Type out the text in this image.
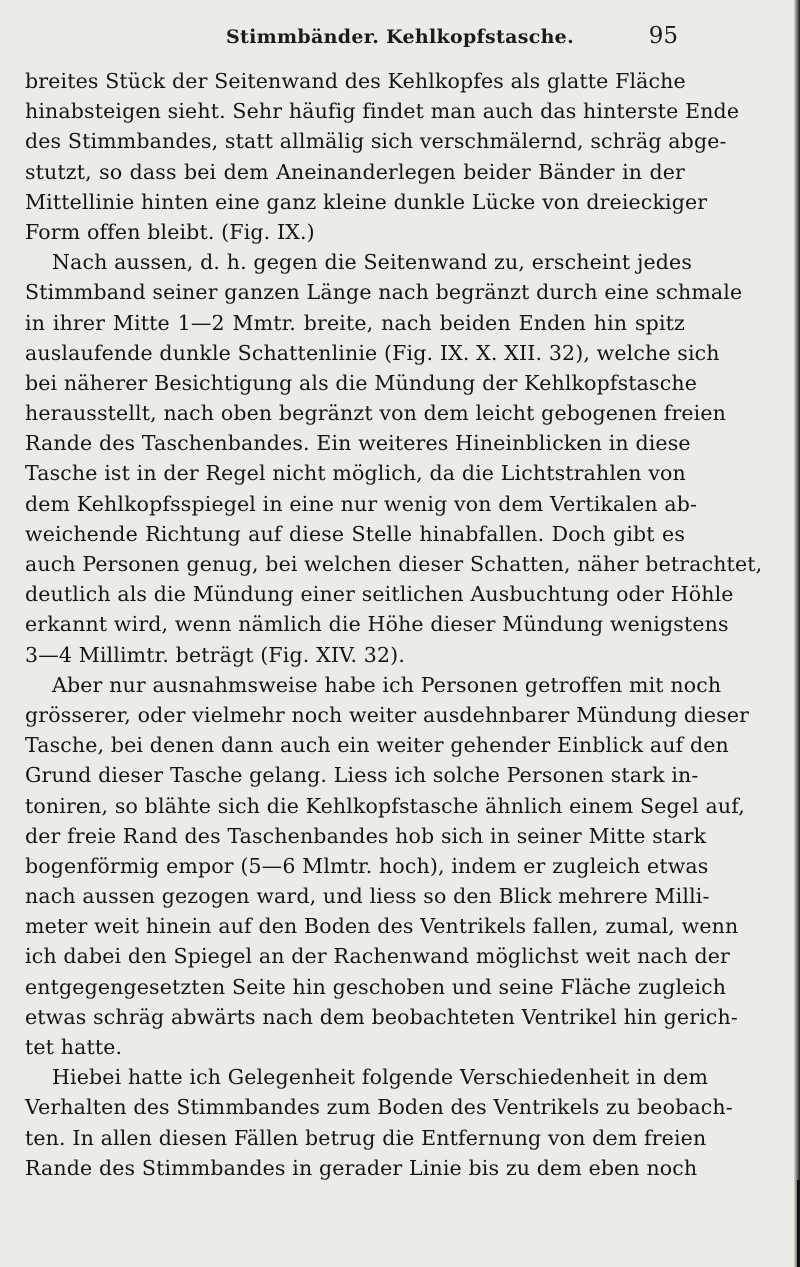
Stimmbänder. Kehlkopfstasche.	95
breites Stück der Seitenwand des Kehlkopfes als glatte Fläche
hinabsteigen sieht. Sehr häufig findet man auch das hinterste Ende
des Stimmbandes, statt allmälig sich verschmälernd, schräg abge-
stutzt, so dass bei dem Aneinanderlegen beider Bänder in der
Mittellinie hinten eine ganz kleine dunkle Lücke von dreieckiger
Form offen bleibt. (Fig. IX.)
Nach aussen, d. h. gegen die Seitenwand zu, erscheint jedes
Stimmband seiner ganzen Länge nach begränzt durch eine schmale
in ihrer Mitte 1—2 Mmtr. breite, nach beiden Enden hin spitz
auslaufende dunkle Schattenlinie (Fig. IX. X. XII. 32), welche sich
bei näherer Besichtigung als die Mündung der Kehlkopfstasche
herausstellt, nach oben begränzt von dem leicht gebogenen freien
Rande des Taschenbandes. Ein weiteres Hineinblicken in diese
Tasche ist in der Regel nicht möglich, da die Lichtstrahlen von
dem Kehlkopfsspiegel in eine nur wenig von dem Vertikalen ab-
weichende Richtung auf diese Stelle hinabfallen. Doch gibt es
auch Personen genug, bei welchen dieser Schatten, näher betrachtet,
deutlich als die Mündung einer seitlichen Ausbuchtung oder Höhle
erkannt wird, wenn nämlich die Höhe dieser Mündung wenigstens
3—4 Millimtr. beträgt (Fig. XIV. 32).
Aber nur ausnahmsweise habe ich Personen getroffen mit noch
grösserer, oder vielmehr noch weiter ausdehnbarer Mündung dieser
Tasche, bei denen dann auch ein weiter gehender Einblick auf den
Grund dieser Tasche gelang. Liess ich solche Personen stark in-
toniren, so blähte sich die Kehlkopfstasche ähnlich einem Segel auf,
der freie Rand des Taschenbandes hob sich in seiner Mitte stark
bogenförmig empor (5—6 Mlmtr. hoch), indem er zugleich etwas
nach aussen gezogen ward, und liess so den Blick mehrere Milli-
meter weit hinein auf den Boden des Ventrikels fallen, zumal, wenn
ich dabei den Spiegel an der Rachenwand möglichst weit nach der
entgegengesetzten Seite hin geschoben und seine Fläche zugleich
etwas schräg abwärts nach dem beobachteten Ventrikel hin gerich-
tet hatte.
Hiebei hatte ich Gelegenheit folgende Verschiedenheit in dem
Verhalten des Stimmbandes zum Boden des Ventrikels zu beobach-
ten. In allen diesen Fällen betrug die Entfernung von dem freien
Rande des Stimmbandes in gerader Linie bis zu dem eben noch
